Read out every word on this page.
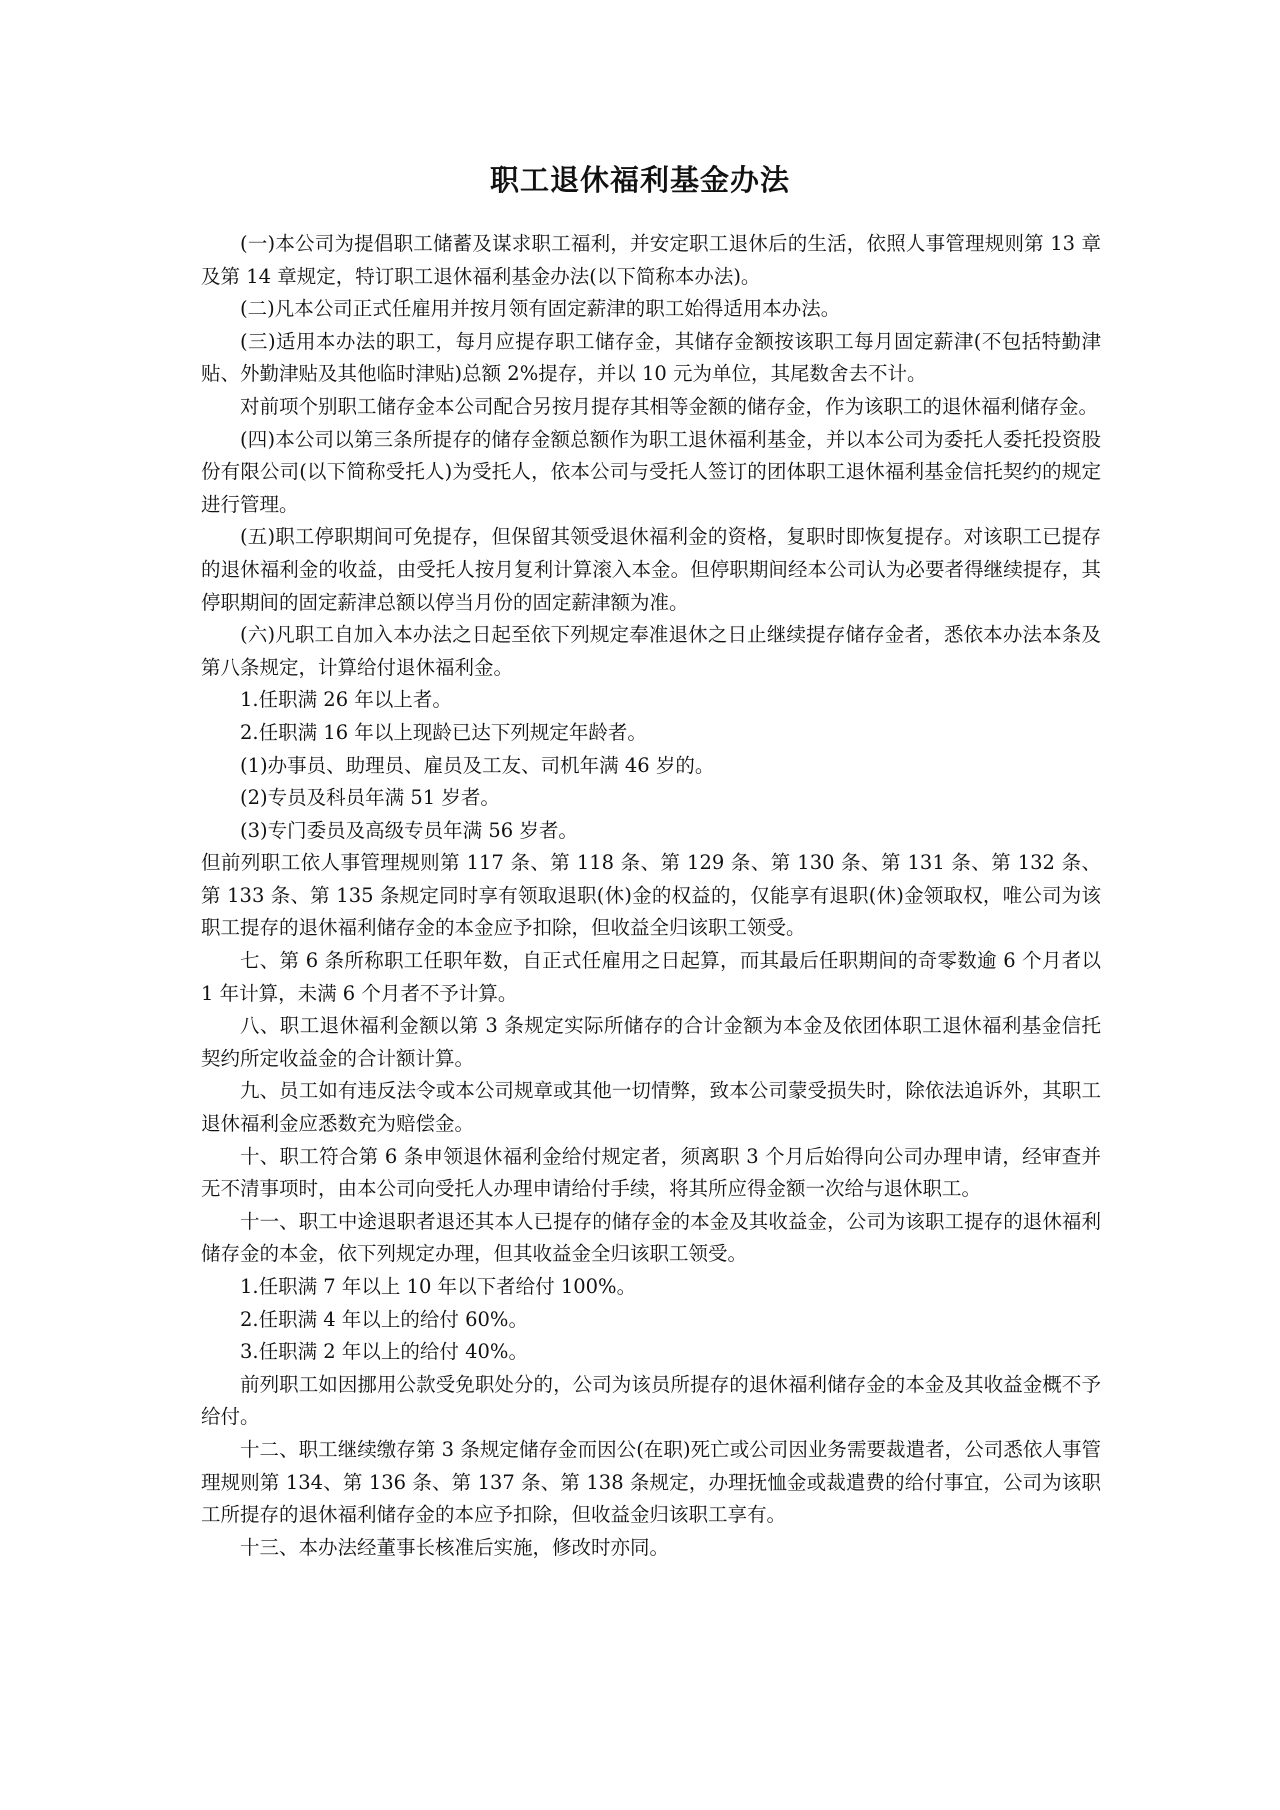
职工退休福利基金办法

(一)本公司为提倡职工储蓄及谋求职工福利，并安定职工退休后的生活，依照人事管理规则第 13 章及第 14 章规定，特订职工退休福利基金办法(以下简称本办法)。

(二)凡本公司正式任雇用并按月领有固定薪津的职工始得适用本办法。

(三)适用本办法的职工，每月应提存职工储存金，其储存金额按该职工每月固定薪津(不包括特勤津贴、外勤津贴及其他临时津贴)总额 2%提存，并以 10 元为单位，其尾数舍去不计。

对前项个别职工储存金本公司配合另按月提存其相等金额的储存金，作为该职工的退休福利储存金。

(四)本公司以第三条所提存的储存金额总额作为职工退休福利基金，并以本公司为委托人委托投资股份有限公司(以下简称受托人)为受托人，依本公司与受托人签订的团体职工退休福利基金信托契约的规定进行管理。

(五)职工停职期间可免提存，但保留其领受退休福利金的资格，复职时即恢复提存。对该职工已提存的退休福利金的收益，由受托人按月复利计算滚入本金。但停职期间经本公司认为必要者得继续提存，其停职期间的固定薪津总额以停当月份的固定薪津额为准。

(六)凡职工自加入本办法之日起至依下列规定奉准退休之日止继续提存储存金者，悉依本办法本条及第八条规定，计算给付退休福利金。

1.任职满 26 年以上者。

2.任职满 16 年以上现龄已达下列规定年龄者。

(1)办事员、助理员、雇员及工友、司机年满 46 岁的。

(2)专员及科员年满 51 岁者。

(3)专门委员及高级专员年满 56 岁者。

但前列职工依人事管理规则第 117 条、第 118 条、第 129 条、第 130 条、第 131 条、第 132 条、第 133 条、第 135 条规定同时享有领取退职(休)金的权益的，仅能享有退职(休)金领取权，唯公司为该职工提存的退休福利储存金的本金应予扣除，但收益全归该职工领受。

七、第 6 条所称职工任职年数，自正式任雇用之日起算，而其最后任职期间的奇零数逾 6 个月者以 1 年计算，未满 6 个月者不予计算。

八、职工退休福利金额以第 3 条规定实际所储存的合计金额为本金及依团体职工退休福利基金信托契约所定收益金的合计额计算。

九、员工如有违反法令或本公司规章或其他一切情弊，致本公司蒙受损失时，除依法追诉外，其职工退休福利金应悉数充为赔偿金。

十、职工符合第 6 条申领退休福利金给付规定者，须离职 3 个月后始得向公司办理申请，经审查并无不清事项时，由本公司向受托人办理申请给付手续，将其所应得金额一次给与退休职工。

十一、职工中途退职者退还其本人已提存的储存金的本金及其收益金，公司为该职工提存的退休福利储存金的本金，依下列规定办理，但其收益金全归该职工领受。

1.任职满 7 年以上 10 年以下者给付 100%。

2.任职满 4 年以上的给付 60%。

3.任职满 2 年以上的给付 40%。

前列职工如因挪用公款受免职处分的，公司为该员所提存的退休福利储存金的本金及其收益金概不予给付。

十二、职工继续缴存第 3 条规定储存金而因公(在职)死亡或公司因业务需要裁遣者，公司悉依人事管理规则第 134、第 136 条、第 137 条、第 138 条规定，办理抚恤金或裁遣费的给付事宜，公司为该职工所提存的退休福利储存金的本应予扣除，但收益金归该职工享有。

十三、本办法经董事长核准后实施，修改时亦同。
